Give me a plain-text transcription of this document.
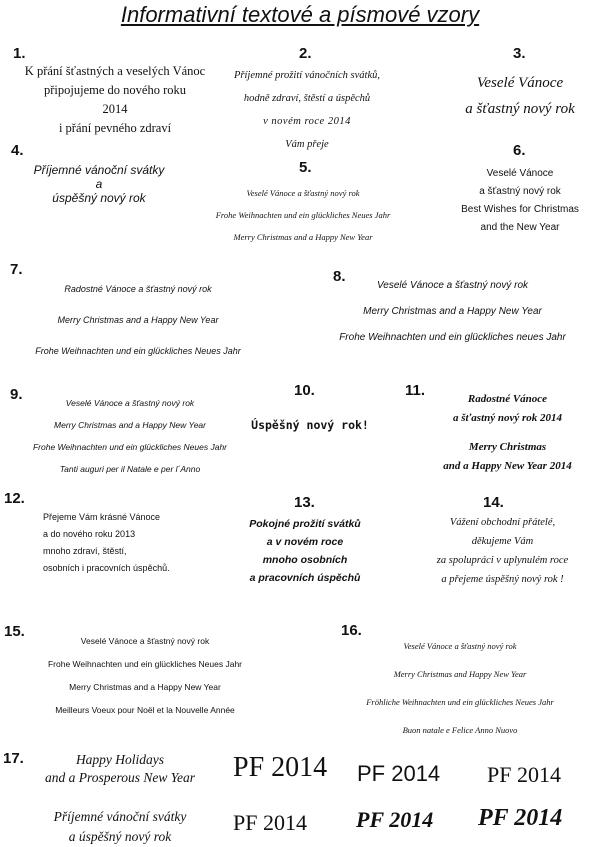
Informativní textové a písmové vzory
1.
K přání šťastných a veselých Vánoc
připojujeme do nového roku
2014
i přání pevného zdraví
2.
Příjemné prožití vánočních svátků,
hodně zdraví, štěstí a úspěchů
v novém roce 2014
Vám přeje
3.
Veselé Vánoce
a šťastný nový rok
4.
Příjemné vánoční svátky
a
úspěšný nový rok
5.
Veselé Vánoce a šťastný nový rok
Frohe Weihnachten und ein glückliches Neues Jahr
Merry Christmas and a Happy New Year
6.
Veselé Vánoce
a šťastný nový rok
Best Wishes for Christmas
and the New Year
7.
Radostné Vánoce a šťastný nový rok
Merry Christmas and a Happy New Year
Frohe Weihnachten und ein glückliches Neues Jahr
8.
Veselé Vánoce a šťastný nový rok
Merry Christmas and a Happy New Year
Frohe Weihnachten und ein glückliches neues Jahr
9.	Veselé Vánoce a šťastný nový rok
Merry Christmas and a Happy New Year
Frohe Weihnachten und ein glückliches Neues Jahr
Tanti auguri per il Natale e per l´Anno
10.
Úspěšný nový rok!
11.	Radostné Vánoce
a šťastný nový rok 2014
Merry Christmas
and a Happy New Year 2014
12.
Přejeme Vám krásné Vánoce
a do nového roku 2013
mnoho zdraví, štěstí,
osobních i pracovních úspěchů.
13.
Pokojné prožití svátků
a v novém roce
mnoho osobních
a pracovních úspěchů
14.
Vážení obchodní přátelé,
děkujeme Vám
za spolupráci v uplynulém roce
a přejeme úspěšný nový rok !
15.
Veselé Vánoce a šťastný nový rok
Frohe Weihnachten und ein glückliches Neues Jahr
Merry Christmas and a Happy New Year
Meilleurs Voeux pour Noël et la Nouvelle Année
16.
Veselé Vánoce a šťastný nový rok
Merry Christmas and Happy New Year
Fröhliche Weihnachten und ein glückliches Neues Jahr
Buon natale e Felice Anno Nuovo
17.	Happy Holidays
and a Prosperous New Year
Příjemné vánoční svátky
a úspěšný nový rok
PF 2014 PF 2014 PF 2014
PF 2014 PF 2014 PF 2014
